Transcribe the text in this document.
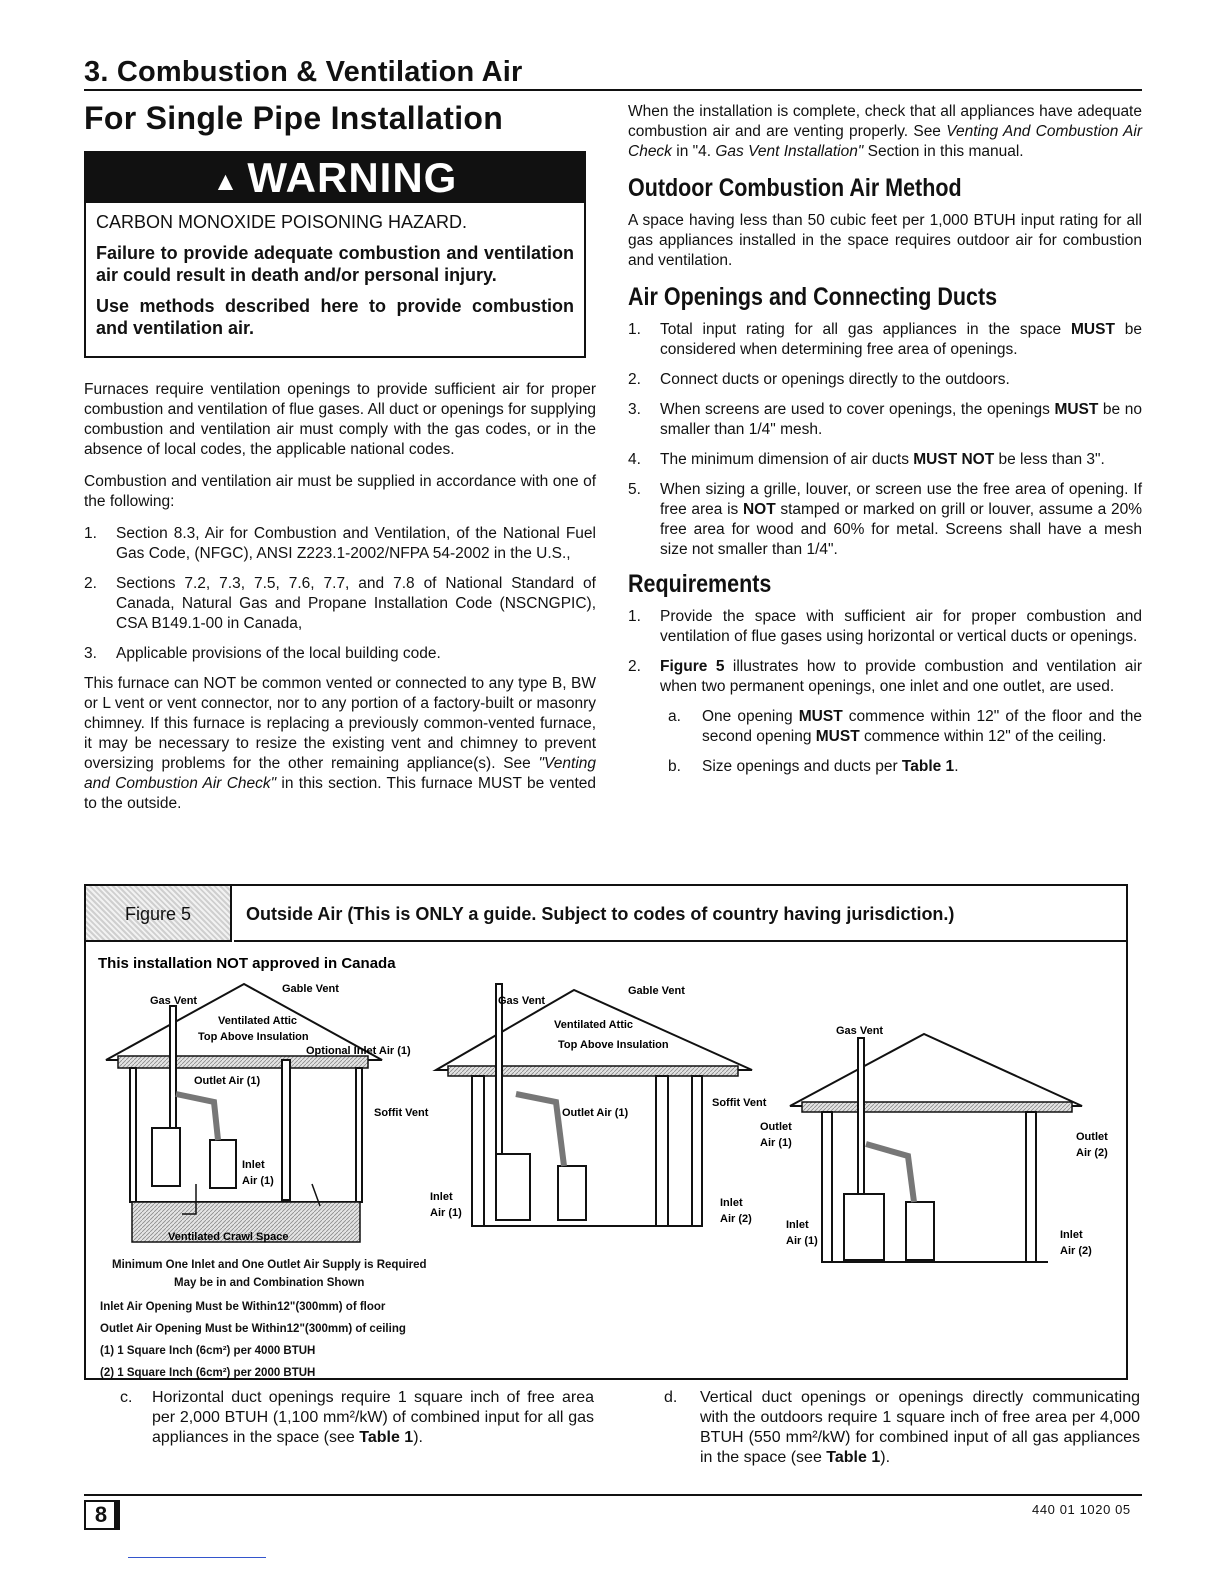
3. Combustion & Ventilation Air
For Single Pipe Installation
▲ WARNING

CARBON MONOXIDE POISONING HAZARD.

Failure to provide adequate combustion and ventilation air could result in death and/or personal injury.

Use methods described here to provide combustion and ventilation air.

Furnaces require ventilation openings to provide sufficient air for proper combustion and ventilation of flue gases. All duct or openings for supplying combustion and ventilation air must comply with the gas codes, or in the absence of local codes, the applicable national codes.

Combustion and ventilation air must be supplied in accordance with one of the following:

1. Section 8.3, Air for Combustion and Ventilation, of the National Fuel Gas Code, (NFGC), ANSI Z223.1-2002/NFPA 54-2002 in the U.S.,
2. Sections 7.2, 7.3, 7.5, 7.6, 7.7, and 7.8 of National Standard of Canada, Natural Gas and Propane Installation Code (NSCNGPIC), CSA B149.1-00 in Canada,
3. Applicable provisions of the local building code.

This furnace can NOT be common vented or connected to any type B, BW or L vent or vent connector, nor to any portion of a factory-built or masonry chimney. If this furnace is replacing a previously common-vented furnace, it may be necessary to resize the existing vent and chimney to prevent oversizing problems for the other remaining appliance(s). See "Venting and Combustion Air Check" in this section. This furnace MUST be vented to the outside.

When the installation is complete, check that all appliances have adequate combustion air and are venting properly. See Venting And Combustion Air Check in "4. Gas Vent Installation" Section in this manual.

Outdoor Combustion Air Method

A space having less than 50 cubic feet per 1,000 BTUH input rating for all gas appliances installed in the space requires outdoor air for combustion and ventilation.

Air Openings and Connecting Ducts
1. Total input rating for all gas appliances in the space MUST be considered when determining free area of openings.
2. Connect ducts or openings directly to the outdoors.
3. When screens are used to cover openings, the openings MUST be no smaller than 1/4" mesh.
4. The minimum dimension of air ducts MUST NOT be less than 3".
5. When sizing a grille, louver, or screen use the free area of opening. If free area is NOT stamped or marked on grill or louver, assume a 20% free area for wood and 60% for metal. Screens shall have a mesh size not smaller than 1/4".
Requirements
1. Provide the space with sufficient air for proper combustion and ventilation of flue gases using horizontal or vertical ducts or openings.
2. Figure 5 illustrates how to provide combustion and ventilation air when two permanent openings, one inlet and one outlet, are used.
a. One opening MUST commence within 12" of the floor and the second opening MUST commence within 12" of the ceiling.
b. Size openings and ducts per Table 1.
Figure 5	Outside Air (This is ONLY a guide. Subject to codes of country having jurisdiction.)
This installation NOT approved in Canada
Gas Vent
Gable Vent
Ventilated Attic
Top Above Insulation
Optional Inlet Air (1)
Outlet Air (1)
Soffit Vent
Inlet
Air (1)
Ventilated Crawl Space
Gas Vent
Gable Vent
Ventilated Attic
Top Above Insulation
Outlet Air (1)
Soffit Vent
Inlet
Air (1)
Inlet
Air (2)
Gas Vent
Outlet
Air (1)	Outlet
Air (2)
Inlet
Air (1)	Inlet
Air (2)
Minimum One Inlet and One Outlet Air Supply is Required
May be in and Combination Shown
Inlet Air Opening Must be Within12"(300mm) of floor
Outlet Air Opening Must be Within12"(300mm) of ceiling
(1) 1 Square Inch (6cm²) per 4000 BTUH
(2) 1 Square Inch (6cm²) per 2000 BTUH
c. Horizontal duct openings require 1 square inch of free area per 2,000 BTUH (1,100 mm²/kW) of combined input for all gas appliances in the space (see Table 1).
d. Vertical duct openings or openings directly communicating with the outdoors require 1 square inch of free area per 4,000 BTUH (550 mm²/kW) for combined input of all gas appliances in the space (see Table 1).
8	440 01 1020 05
